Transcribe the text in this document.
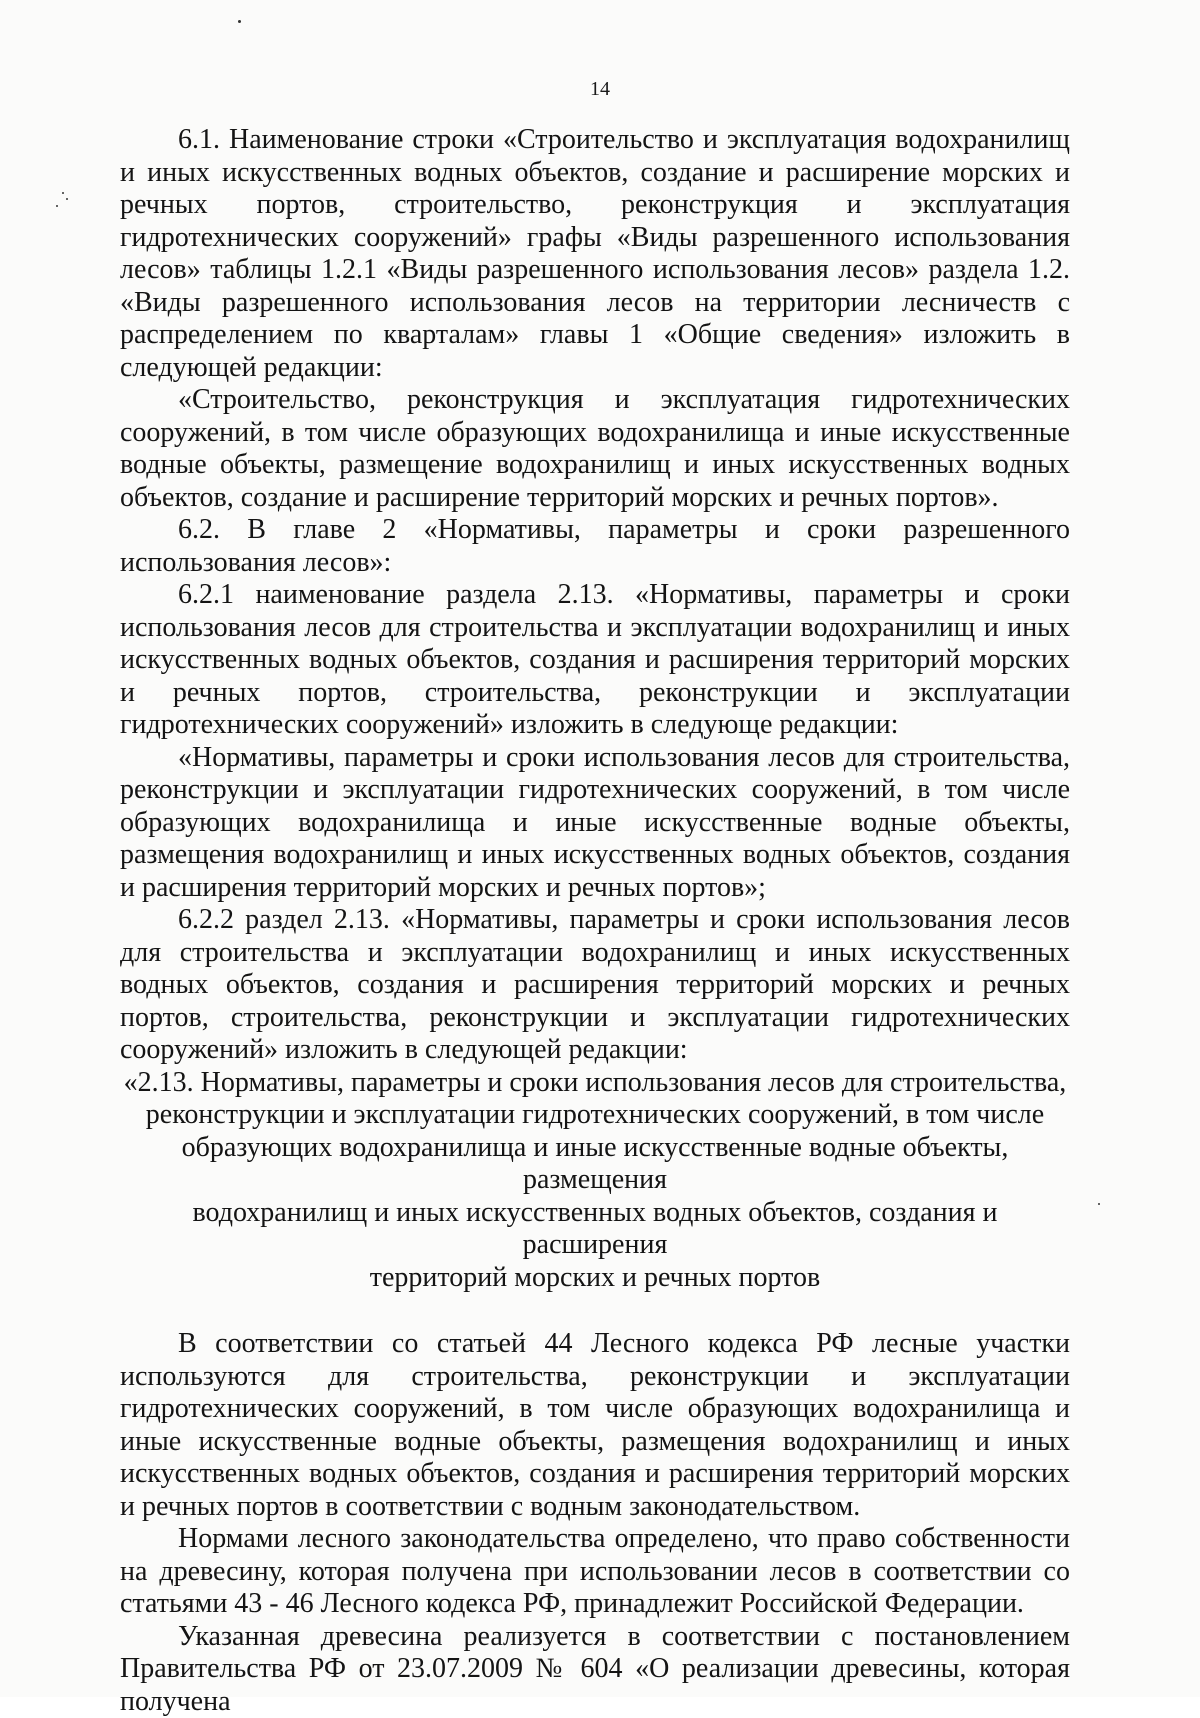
14

6.1. Наименование строки «Строительство и эксплуатация водохранилищ и иных искусственных водных объектов, создание и расширение морских и речных портов, строительство, реконструкция и эксплуатация гидротехнических сооружений» графы «Виды разрешенного использования лесов» таблицы 1.2.1 «Виды разрешенного использования лесов» раздела 1.2. «Виды разрешенного использования лесов на территории лесничеств с распределением по кварталам» главы 1 «Общие сведения» изложить в следующей редакции:

«Строительство, реконструкция и эксплуатация гидротехнических сооружений, в том числе образующих водохранилища и иные искусственные водные объекты, размещение водохранилищ и иных искусственных водных объектов, создание и расширение территорий морских и речных портов».

6.2. В главе 2 «Нормативы, параметры и сроки разрешенного использования лесов»:

6.2.1 наименование раздела 2.13. «Нормативы, параметры и сроки использования лесов для строительства и эксплуатации водохранилищ и иных искусственных водных объектов, создания и расширения территорий морских и речных портов, строительства, реконструкции и эксплуатации гидротехнических сооружений» изложить в следующе редакции:

«Нормативы, параметры и сроки использования лесов для строительства, реконструкции и эксплуатации гидротехнических сооружений, в том числе образующих водохранилища и иные искусственные водные объекты, размещения водохранилищ и иных искусственных водных объектов, создания и расширения территорий морских и речных портов»;

6.2.2 раздел 2.13. «Нормативы, параметры и сроки использования лесов для строительства и эксплуатации водохранилищ и иных искусственных водных объектов, создания и расширения территорий морских и речных портов, строительства, реконструкции и эксплуатации гидротехнических сооружений» изложить в следующей редакции:

«2.13. Нормативы, параметры и сроки использования лесов для строительства,

реконструкции и эксплуатации гидротехнических сооружений, в том числе

образующих водохранилища и иные искусственные водные объекты, размещения

водохранилищ и иных искусственных водных объектов, создания и расширения

территорий морских и речных портов

В соответствии со статьей 44 Лесного кодекса РФ лесные участки используются для строительства, реконструкции и эксплуатации гидротехнических сооружений, в том числе образующих водохранилища и иные искусственные водные объекты, размещения водохранилищ и иных искусственных водных объектов, создания и расширения территорий морских и речных портов в соответствии с водным законодательством.

Нормами лесного законодательства определено, что право собственности на древесину, которая получена при использовании лесов в соответствии со статьями 43 - 46 Лесного кодекса РФ, принадлежит Российской Федерации.

Указанная древесина реализуется в соответствии с постановлением Правительства РФ от 23.07.2009 № 604 «О реализации древесины, которая получена
